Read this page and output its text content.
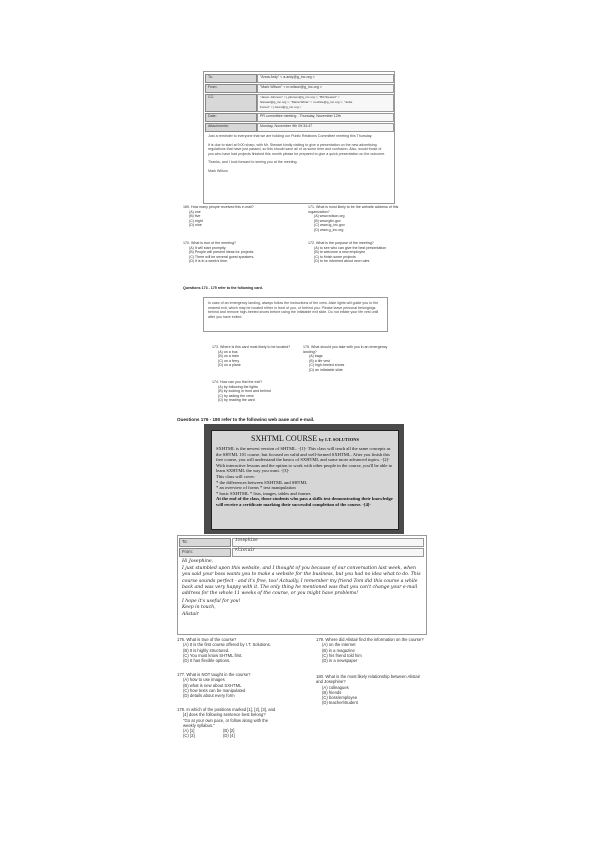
To:	"Anna Ardy" < a.ardy@g_inc.org >
From:	"Mark Wilson" < m.wilson@g_inc.org >
CC:	"Jason Johnson" < j.johnson@g_inc.org >; "Bill Stewart" <
Stewart@g_inc.org >; "Maria White" < m.white@g_inc.org >; "Jodie
Forest" < j.forest@g_inc.org >
Date:	PR committee meeting - Thursday, November 12th
Attachments:	Monday, November 9th 09:34:47

Just a reminder to everyone that we are holding our Public Relations Committee meeting this Thursday.

It is due to start at 9:00 sharp, with Mr. Stewart kindly visiting to give a presentation on the new advertising regulations that have just passed, so this should save all of us some time and confusion. Also, would those of you who have had projects finished this month please be prepared to give a quick presentation on the outcome.

Thanks, and I look forward to seeing you at the meeting.

Mark Wilson

169. How many people received this e-mail?
(A) one
(B) five
(C) eight
(D) nine
171. What is most likely to be the website address of this organization?
(A) www.wilson.org
(B) www.gtix.gov
(C) www.ig_inc.gov
(D) www.g_inc.org
170. What is true of the meeting?
(A) It will start promptly.
(B) People will present ideas for projects.
(C) There will be several guest speakers.
(D) It is in a week's time.
172. What is the purpose of the meeting?
(A) to see who can give the best presentation
(B) to welcome a new employee
(C) to finish some projects
(D) to be informed about new rules
Questions 173 - 175 refer to the following card.
In case of an emergency landing, always follow the instructions of the crew. Aisle lights will guide you to the nearest exit, which may be located either in front of you, or behind you. Please leave personal belongings behind and remove high-heeled shoes before using the inflatable exit slide. Do not inflate your life vest until after you have exited.
173. Where is this card most likely to be located?
(A) on a bus
(B) on a train
(C) on a ferry
(D) on a plane
175. What should you take with you in an emergency landing?
(A) bags
(B) a life vest
(C) high-heeled shoes
(D) an inflatable slide
174. How can you find the exit?
(A) by following the lights
(B) by looking in front and behind
(C) by asking the crew
(D) by reading the card
Questions 176 - 180 refer to the following web page and e-mail.
SXHTML COURSE by I.T. SOLUTIONS
SXHTML is the newest version of SHTML. -[1]- This class will teach all the same concepts as the SHTML 101 course, but focused on valid and well-formed SXHTML. After you finish this free course, you will understand the basics of SXHTML and some more advanced topics. -[2]- With interactive lessons and the option to work with other people in the course, you'll be able to learn SXHTML the way you want. -[3]-
This class will cover:
* the differences between SXHTML and SHTML
* an overview of forms * text manipulation
* basic SXHTML * lists, images, tables and frames
At the end of the class, those students who pass a skills test demonstrating their knowledge will receive a certificate marking their successful completion of the course. -[4]-
To:	Josephine
From:	Alistair
Hi Josephine,
I just stumbled upon this website, and I thought of you because of our conversation last week, when you said your boss wants you to make a website for the business, but you had no idea what to do. This course sounds perfect - and it's free, too! Actually, I remember my friend Tom did this course a while back and was very happy with it. The only thing he mentioned was that you can't change your e-mail address for the whole 11 weeks of the course, or you might have problems!
I hope it's useful for you!
Keep in touch,
Alistair
176. What is true of the course?
(A) It is the first course offered by I.T. Solutions.
(B) It is highly structured.
(C) You must know SHTML first.
(D) It has flexible options.
177. What is NOT taught in the course?
(A) how to use images
(B) what is new about SXHTML
(C) how texts can be manipulated
(D) details about every form
178. In which of the positions marked [1], [2], [3], and
[4] does the following sentence best belong?
"Go at your own pace, or follow along with the
weekly syllabus."
(A) [1]	(B) [2]
(C) [3]	(D) [4]
179. Where did Alistair find the information on the course?
(A) on the internet
(B) in a magazine
(C) his friend told him
(D) in a newspaper
180. What is the most likely relationship between Alistair and Josephine?
(A) colleagues
(B) friends
(C) boss/employee
(D) teacher/student
